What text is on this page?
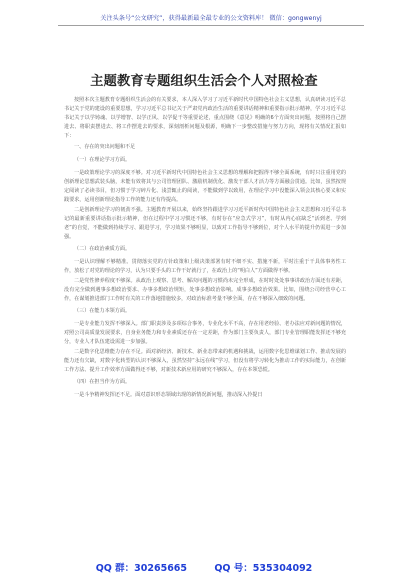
关注头条号“公文研究”，获得最新最全最专业的公文资料库！ 微信：gongwenyj
主题教育专题组织生活会个人对照检查

按照本次主题教育专题组织生活会的有关要求，本人深入学习了习近平新时代中国特色社会主义思想，认真研读习近平总书记关于党的建设的重要思想，学习习近平总书记关于严肃党内政治生活的重要讲话精神和重要指示批示精神，学习习近平总书记关于以学铸魂、以学增智、以学正风、以学促干等重要论述，重点围绕《意见》明确的6个方面突出问题，按照将自己摆进去、将职责摆进去、将工作摆进去的要求，深刻剖析问题及根源，明确下一步整改措施与努力方向，现将有关情况汇报如下：

一、存在的突出问题和不足

（一）在理论学习方面。

一是政策理论学习的深度不够。对习近平新时代中国特色社会主义思想的理解和把握得不够全面系统，有时只注重用党的创新理论思想武装头脑，未能有效将其与公司管理团队、激励机制优化、激发干部人才活力等方面融会贯通。比如，虽然按规定阅读了必读书目，但习惯于学习碎片化、浅尝辄止的阅读，不能做到学以致用，在理论学习中没能深入领会其核心要义和实践要求，运用创新理论指导工作的能力还有待提高。

二是创新理论学习的韧劲不强。主题教育开展以来，始终坚持跟进学习习近平新时代中国特色社会主义思想和习近平总书记的最新重要讲话指示批示精神，但在过程中学习习惯还不够，有时存在“应急式学习”，有时从内心底缺乏“活到老、学到老”的自觉，不能做到持续学习、跟进学习，学习效果不够明显，以致对工作指导不够到位，对个人水平的提升仍需进一步加强。

（二）在政治素质方面。

一是认识理解不够精准。贯彻落实党的方针政策和上级决策部署有时不细不实、措施不新，平时注重于干具体事务性工作，放松了对党的理论的学习，认为只要手头的工作干好就行了，在政治上的“明白人”方面做得不够。

二是党性修养程度不够深。从政治上观察、思考、解决问题的习惯尚未完全形成，在时时处处事事讲政治方面还有差距，没有完全做到遇事多想政治要求、办事多想政治规矩，处事多想政治影响。成事多想政治效果。比如，围绕公司经营中心工作，在谋划推进部门工作时有关的工作落地措施较多，对政治标准考量不够全面，存在不够深入细致的问题。

（三）在能力本领方面。

一是专业能力发挥不够深入。部门职责涉及多项综合事务，专业化水平不高，存在用老经验、老办法应对新问题的情况，对照公司高质量发展要求，自身业务能力和专业素质还存在一定差距，作为部门主要负责人，部门专业管理职能发挥还不够充分，专业人才队伍建设需进一步加强。

二是数字化思维能力存在不足。面对新经济、新技术、新业态带来的机遇和挑战，运用数字化思维谋划工作、推动发展的能力还有欠缺，对数字化转型的认识不够深入，虽然坚持“永远在线”学习，但没有将学习转化为推动工作的实际能力，在创新工作方法、提升工作效率方面做得还不够，对新技术新应用的研究不够深入，存在本领恐慌。

（四）在担当作为方面。

一是斗争精神发挥还不足。面对意识形态领域出现的新情况新问题，推动深入拎提日

QQ 群：30265665	QQ 号：535304092
